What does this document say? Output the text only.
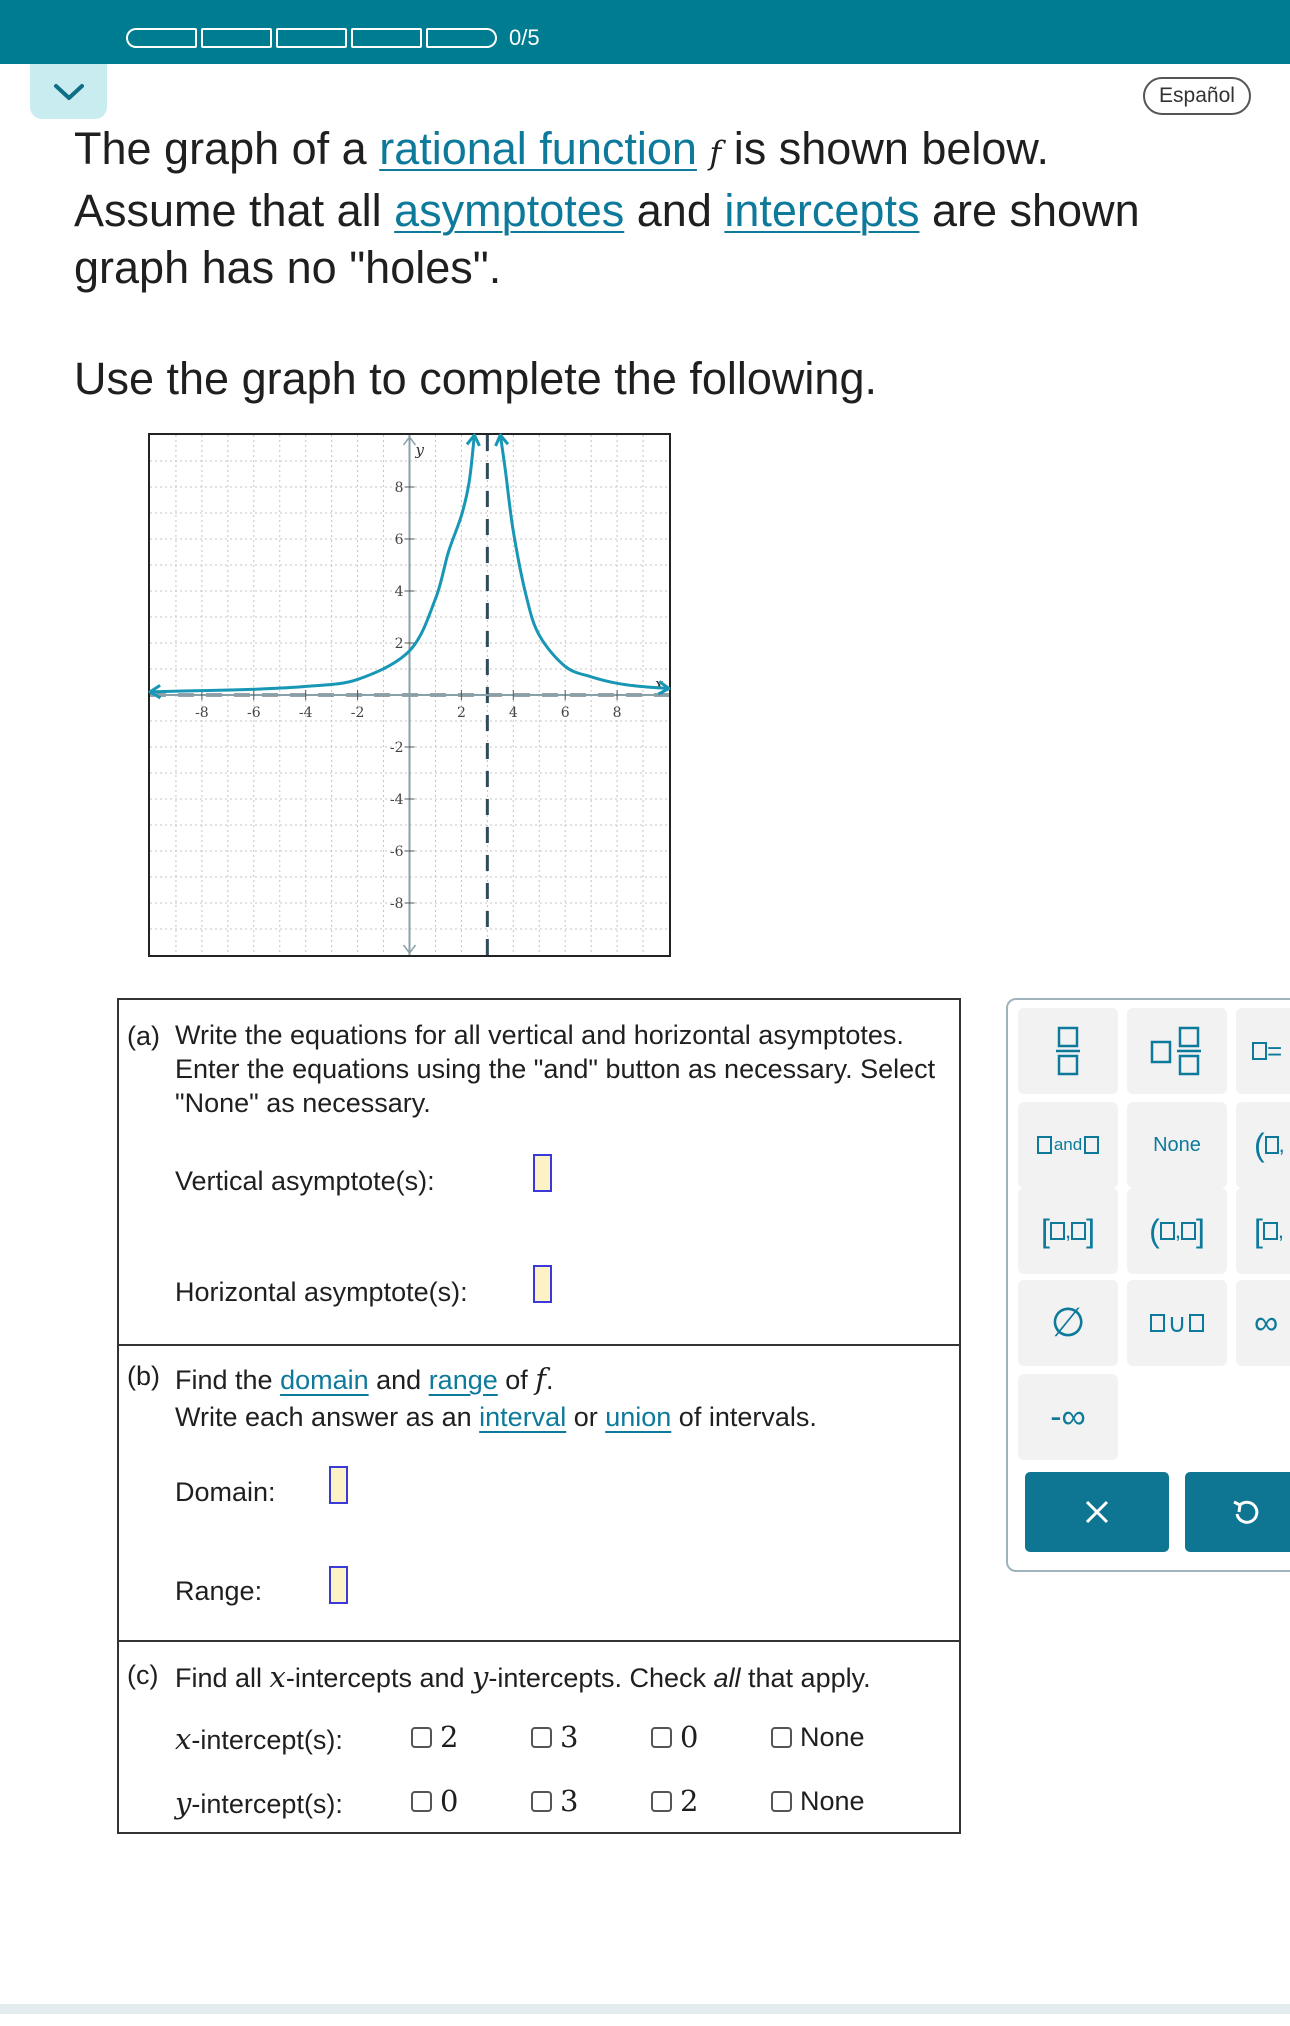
0/5
Español

The graph of a rational function f is shown below.

Assume that all asymptotes and intercepts are shown

graph has no "holes".

Use the graph to complete the following.

x
y
-8	-6	-4	-2	2	4	6	8
-8
-6
-4
-2
2
4
6
8
(a) Write the equations for all vertical and horizontal asymptotes. Enter the equations using the "and" button as necessary. Select "None" as necessary.
Vertical asymptote(s):
Horizontal asymptote(s):
(b) Find the domain and range of f.
Write each answer as an interval or union of intervals.
Domain:
Range:
(c) Find all x-intercepts and y-intercepts. Check all that apply.
x-intercept(s):	2	3	0	None
y-intercept(s):	0	3	2	None
=
and	None	( ,
[ , ] ( , ] [ ,
∅	∪	∞
-∞
